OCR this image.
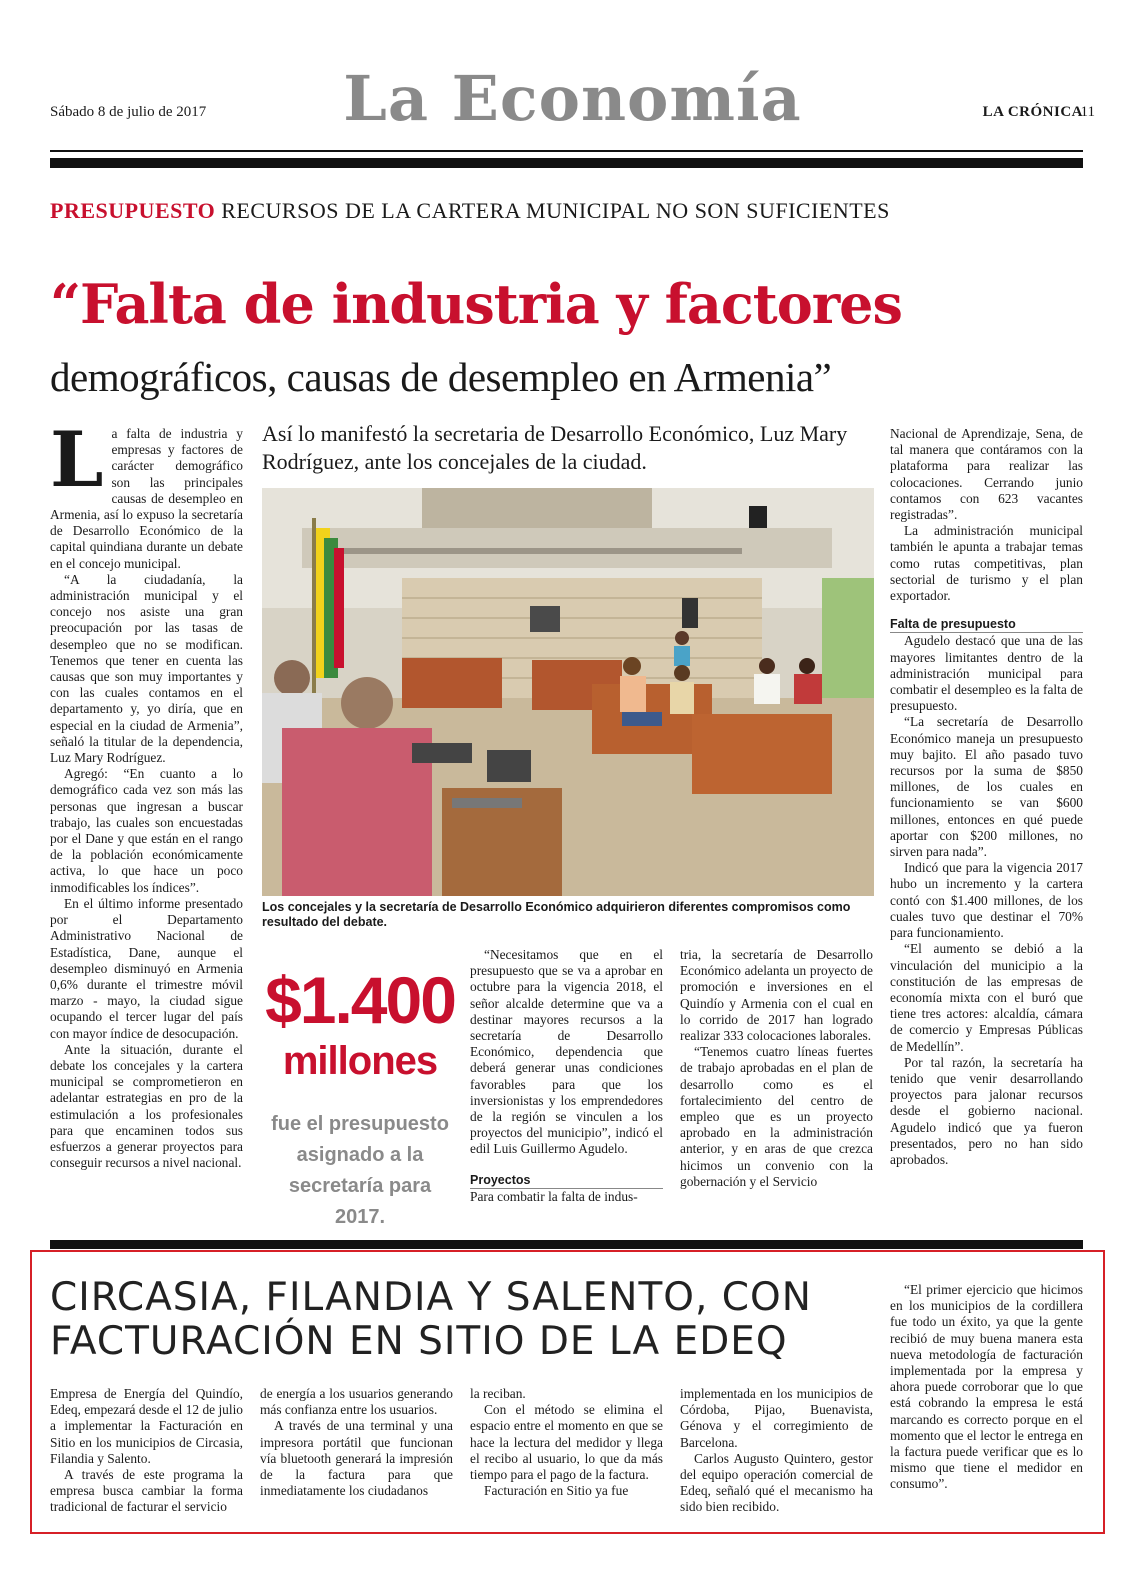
Sábado 8 de julio de 2017	La Economía	LA CRÓNICA
11
PRESUPUESTO RECURSOS DE LA CARTERA MUNICIPAL NO SON SUFICIENTES
“Falta de industria y factores
demográficos, causas de desempleo en Armenia”

La falta de industria y empresas y factores de carácter demográfico son las principales causas de desempleo en Armenia, así lo expuso la secretaría de Desarrollo Económico de la capital quindiana durante un debate en el concejo municipal.

“A la ciudadanía, la administración municipal y el concejo nos asiste una gran preocupación por las tasas de desempleo que no se modifican. Tenemos que tener en cuenta las causas que son muy importantes y con las cuales contamos en el departamento y, yo diría, que en especial en la ciudad de Armenia”, señaló la titular de la dependencia, Luz Mary Rodríguez.

Agregó: “En cuanto a lo demográfico cada vez son más las personas que ingresan a buscar trabajo, las cuales son encuestadas por el Dane y que están en el rango de la población económicamente activa, lo que hace un poco inmodificables los índices”.

En el último informe presentado por el Departamento Administrativo Nacional de Estadística, Dane, aunque el desempleo disminuyó en Armenia 0,6% durante el trimestre móvil marzo - mayo, la ciudad sigue ocupando el tercer lugar del país con mayor índice de desocupación.

Ante la situación, durante el debate los concejales y la cartera municipal se comprometieron en adelantar estrategias en pro de la estimulación a los profesionales para que encaminen todos sus esfuerzos a generar proyectos para conseguir recursos a nivel nacional.

Así lo manifestó la secretaria de Desarrollo Económico, Luz Mary Rodríguez, ante los concejales de la ciudad.
Los concejales y la secretaría de Desarrollo Económico adquirieron diferentes compromisos como resultado del debate.
$1.400
millones
fue el presupuesto asignado a la secretaría para 2017.

“Necesitamos que en el presupuesto que se va a aprobar en octubre para la vigencia 2018, el señor alcalde determine que va a destinar mayores recursos a la secretaría de Desarrollo Económico, dependencia que deberá generar unas condiciones favorables para que los inversionistas y los emprendedores de la región se vinculen a los proyectos del municipio”, indicó el edil Luis Guillermo Agudelo.

Proyectos

Para combatir la falta de indus-

tria, la secretaría de Desarrollo Económico adelanta un proyecto de promoción e inversiones en el Quindío y Armenia con el cual en lo corrido de 2017 han logrado realizar 333 colocaciones laborales.

“Tenemos cuatro líneas fuertes de trabajo aprobadas en el plan de desarrollo como es el fortalecimiento del centro de empleo que es un proyecto aprobado en la administración anterior, y en aras de que crezca hicimos un convenio con la gobernación y el Servicio

Nacional de Aprendizaje, Sena, de tal manera que contáramos con la plataforma para realizar las colocaciones. Cerrando junio contamos con 623 vacantes registradas”.

La administración municipal también le apunta a trabajar temas como rutas competitivas, plan sectorial de turismo y el plan exportador.

Falta de presupuesto

Agudelo destacó que una de las mayores limitantes dentro de la administración municipal para combatir el desempleo es la falta de presupuesto.

“La secretaría de Desarrollo Económico maneja un presupuesto muy bajito. El año pasado tuvo recursos por la suma de $850 millones, de los cuales en funcionamiento se van $600 millones, entonces en qué puede aportar con $200 millones, no sirven para nada”.

Indicó que para la vigencia 2017 hubo un incremento y la cartera contó con $1.400 millones, de los cuales tuvo que destinar el 70% para funcionamiento.

“El aumento se debió a la vinculación del municipio a la constitución de las empresas de economía mixta con el buró que tiene tres actores: alcaldía, cámara de comercio y Empresas Públicas de Medellín”.

Por tal razón, la secretaría ha tenido que venir desarrollando proyectos para jalonar recursos desde el gobierno nacional. Agudelo indicó que ya fueron presentados, pero no han sido aprobados.

CIRCASIA, FILANDIA Y SALENTO, CON FACTURACIÓN EN SITIO DE LA EDEQ

Empresa de Energía del Quindío, Edeq, empezará desde el 12 de julio a implementar la Facturación en Sitio en los municipios de Circasia, Filandia y Salento.

A través de este programa la empresa busca cambiar la forma tradicional de facturar el servicio

de energía a los usuarios generando más confianza entre los usuarios.

A través de una terminal y una impresora portátil que funcionan vía bluetooth generará la impresión de la factura para que inmediatamente los ciudadanos

la reciban.

Con el método se elimina el espacio entre el momento en que se hace la lectura del medidor y llega el recibo al usuario, lo que da más tiempo para el pago de la factura.

Facturación en Sitio ya fue

implementada en los municipios de Córdoba, Pijao, Buenavista, Génova y el corregimiento de Barcelona.

Carlos Augusto Quintero, gestor del equipo operación comercial de Edeq, señaló qué el mecanismo ha sido bien recibido.

“El primer ejercicio que hicimos en los municipios de la cordillera fue todo un éxito, ya que la gente recibió de muy buena manera esta nueva metodología de facturación implementada por la empresa y ahora puede corroborar que lo que está cobrando la empresa le está marcando es correcto porque en el momento que el lector le entrega en la factura puede verificar que es lo mismo que tiene el medidor en consumo”.
